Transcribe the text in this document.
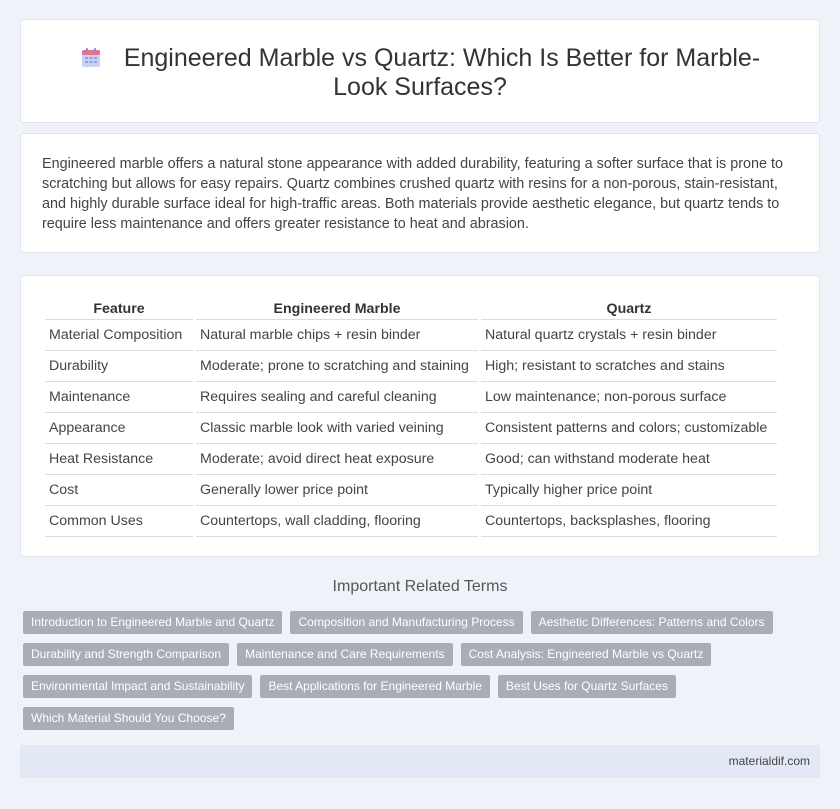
Engineered Marble vs Quartz: Which Is Better for Marble-Look Surfaces?

Engineered marble offers a natural stone appearance with added durability, featuring a softer surface that is prone to scratching but allows for easy repairs. Quartz combines crushed quartz with resins for a non-porous, stain-resistant, and highly durable surface ideal for high-traffic areas. Both materials provide aesthetic elegance, but quartz tends to require less maintenance and offers greater resistance to heat and abrasion.

Feature	Engineered Marble	Quartz
Material Composition	Natural marble chips + resin binder	Natural quartz crystals + resin binder
Durability	Moderate; prone to scratching and staining	High; resistant to scratches and stains
Maintenance	Requires sealing and careful cleaning	Low maintenance; non-porous surface
Appearance	Classic marble look with varied veining	Consistent patterns and colors; customizable
Heat Resistance	Moderate; avoid direct heat exposure	Good; can withstand moderate heat
Cost	Generally lower price point	Typically higher price point
Common Uses	Countertops, wall cladding, flooring	Countertops, backsplashes, flooring
Important Related Terms
Introduction to Engineered Marble and Quartz	Composition and Manufacturing Process	Aesthetic Differences: Patterns and Colors
Durability and Strength Comparison	Maintenance and Care Requirements	Cost Analysis: Engineered Marble vs Quartz
Environmental Impact and Sustainability	Best Applications for Engineered Marble	Best Uses for Quartz Surfaces
Which Material Should You Choose?
materialdif.com
